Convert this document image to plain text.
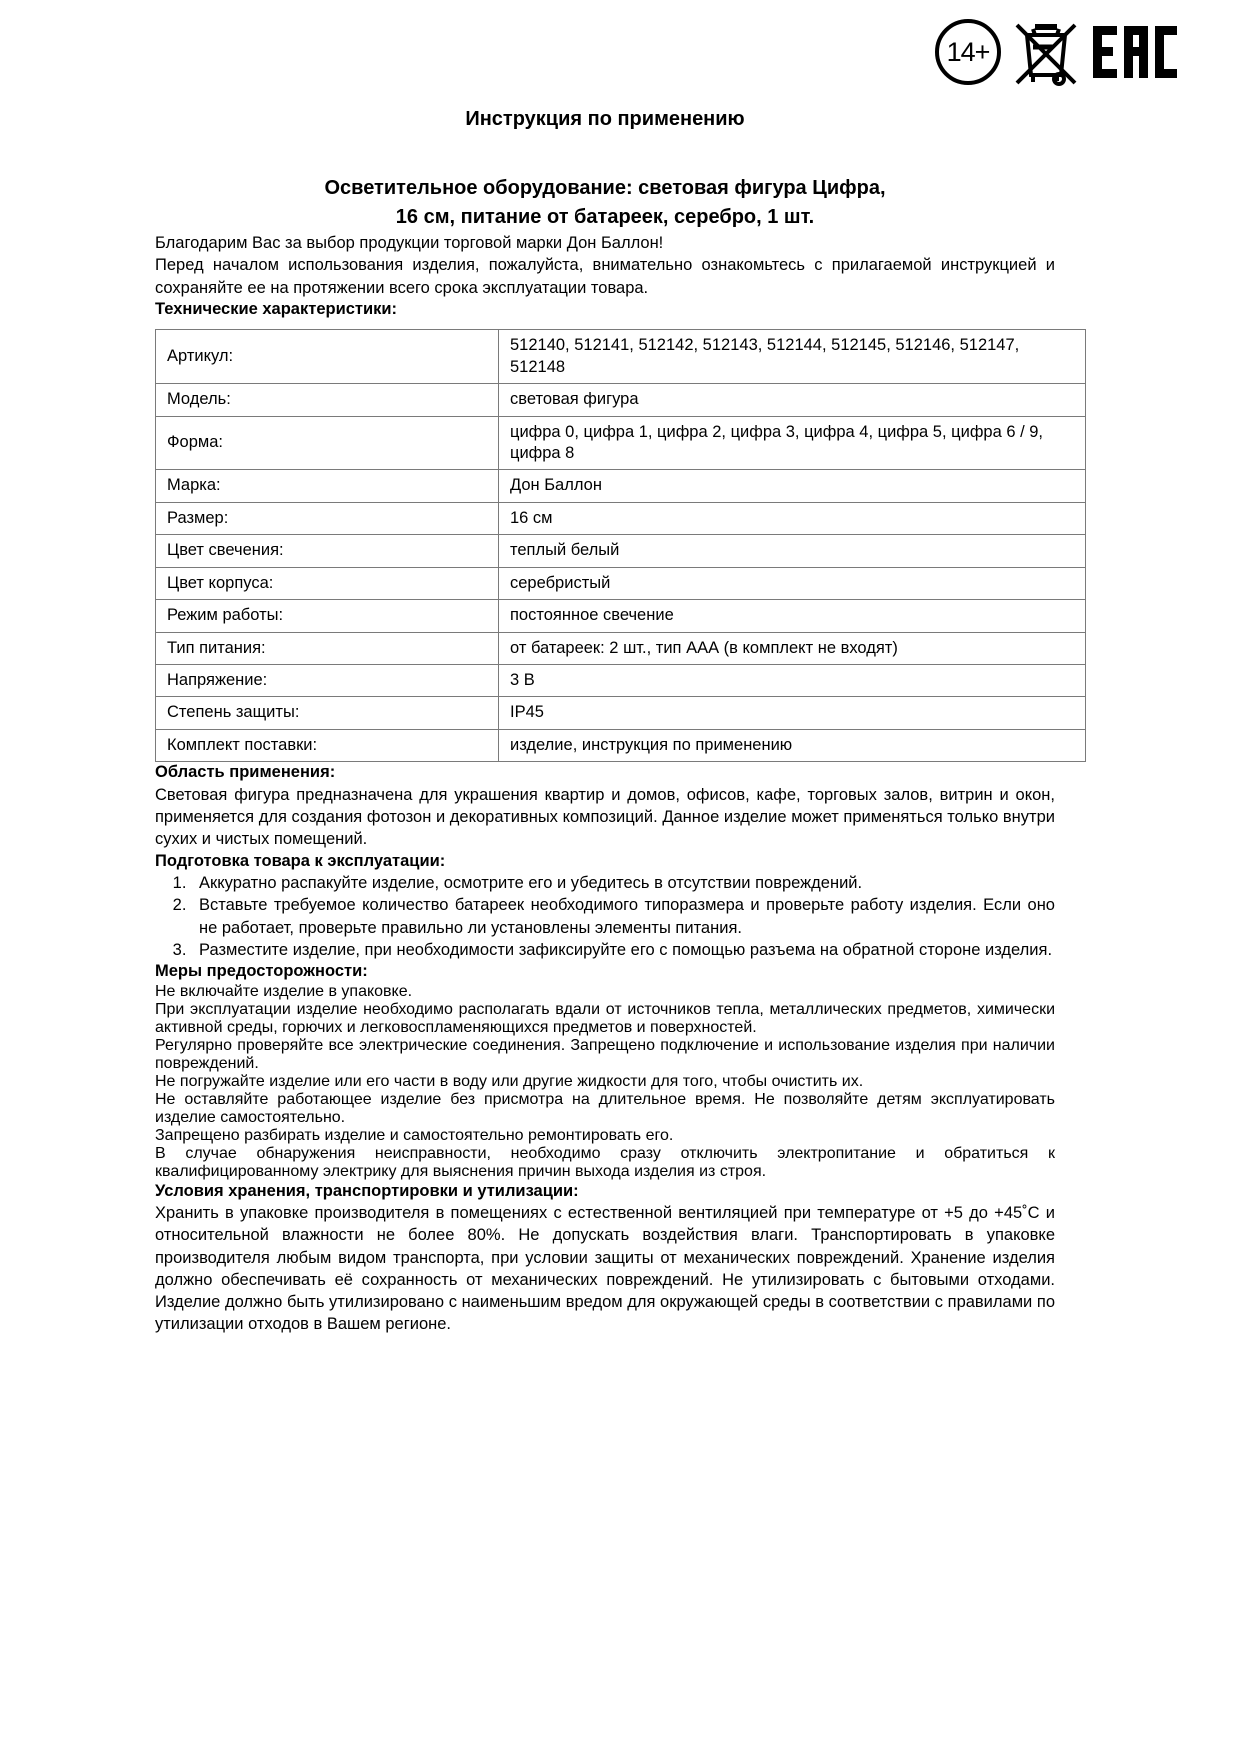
14+
Инструкция по применению
Осветительное оборудование: световая фигура Цифра,
16 см, питание от батареек, серебро, 1 шт.

Благодарим Вас за выбор продукции торговой марки Дон Баллон!

Перед началом использования изделия, пожалуйста, внимательно ознакомьтесь с прилагаемой инструкцией и сохраняйте ее на протяжении всего срока эксплуатации товара.

Технические характеристики:
Артикул:	512140, 512141, 512142, 512143, 512144, 512145, 512146, 512147, 512148
Модель:	световая фигура
Форма:	цифра 0, цифра 1, цифра 2, цифра 3, цифра 4, цифра 5, цифра 6 / 9, цифра 8
Марка:	Дон Баллон
Размер:	16 см
Цвет свечения:	теплый белый
Цвет корпуса:	серебристый
Режим работы:	постоянное свечение
Тип питания:	от батареек: 2 шт., тип ААА (в комплект не входят)
Напряжение:	3 В
Степень защиты:	IP45
Комплект поставки:	изделие, инструкция по применению
Область применения:

Световая фигура предназначена для украшения квартир и домов, офисов, кафе, торговых залов, витрин и окон, применяется для создания фотозон и декоративных композиций. Данное изделие может применяться только внутри сухих и чистых помещений.

Подготовка товара к эксплуатации:
1. Аккуратно распакуйте изделие, осмотрите его и убедитесь в отсутствии повреждений.
2. Вставьте требуемое количество батареек необходимого типоразмера и проверьте работу изделия. Если оно не работает, проверьте правильно ли установлены элементы питания.
3. Разместите изделие, при необходимости зафиксируйте его с помощью разъема на обратной стороне изделия.
Меры предосторожности:

Не включайте изделие в упаковке.

При эксплуатации изделие необходимо располагать вдали от источников тепла, металлических предметов, химически активной среды, горючих и легковоспламеняющихся предметов и поверхностей.

Регулярно проверяйте все электрические соединения. Запрещено подключение и использование изделия при наличии повреждений.

Не погружайте изделие или его части в воду или другие жидкости для того, чтобы очистить их.

Не оставляйте работающее изделие без присмотра на длительное время. Не позволяйте детям эксплуатировать изделие самостоятельно.

Запрещено разбирать изделие и самостоятельно ремонтировать его.

В случае обнаружения неисправности, необходимо сразу отключить электропитание и обратиться к квалифицированному электрику для выяснения причин выхода изделия из строя.

Условия хранения, транспортировки и утилизации:

Хранить в упаковке производителя в помещениях с естественной вентиляцией при температуре от +5 до +45˚С и относительной влажности не более 80%. Не допускать воздействия влаги. Транспортировать в упаковке производителя любым видом транспорта, при условии защиты от механических повреждений. Хранение изделия должно обеспечивать её сохранность от механических повреждений. Не утилизировать с бытовыми отходами. Изделие должно быть утилизировано с наименьшим вредом для окружающей среды в соответствии с правилами по утилизации отходов в Вашем регионе.
